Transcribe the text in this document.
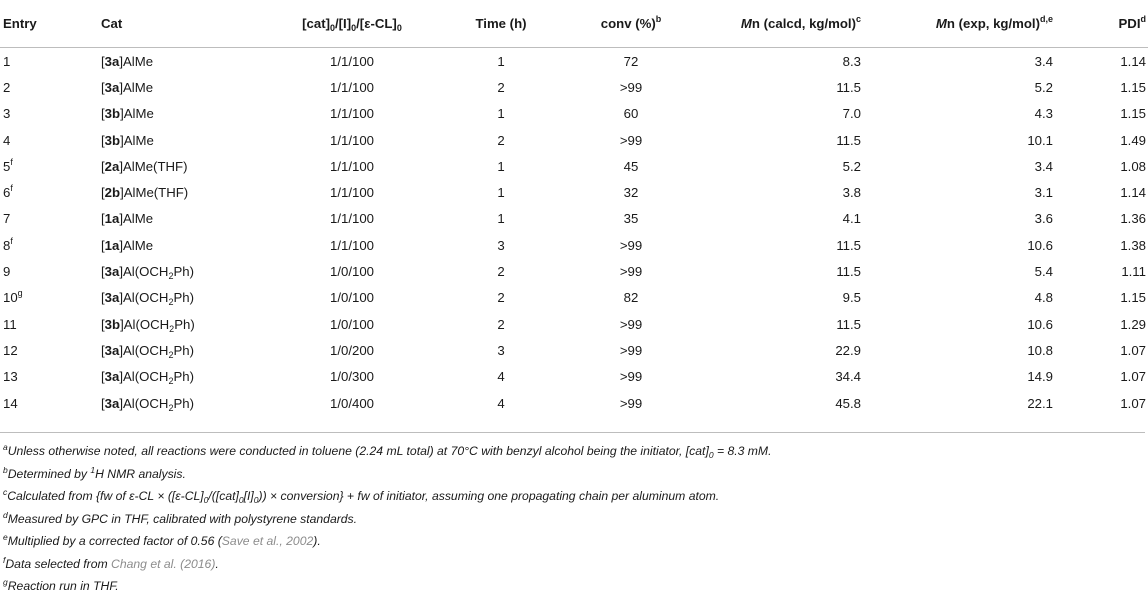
Entry	Cat	$[cat]_0/[I]_0/[\varepsilon-CL]_0$	Time (h)	conv (%)$^b$	Mn (calcd, kg/mol)$^c$	Mn (exp, kg/mol)$^{d,e}$	PDI$^d$
1	[3a]AlMe	1/1/100	1	72	8.3	3.4	1.14
2	[3a]AlMe	1/1/100	2	>99	11.5	5.2	1.15
3	[3b]AlMe	1/1/100	1	60	7.0	4.3	1.15
4	[3b]AlMe	1/1/100	2	>99	11.5	10.1	1.49
5$^f$	[2a]AlMe(THF)	1/1/100	1	45	5.2	3.4	1.08
6$^f$	[2b]AlMe(THF)	1/1/100	1	32	3.8	3.1	1.14
7	[1a]AlMe	1/1/100	1	35	4.1	3.6	1.36
8$^f$	[1a]AlMe	1/1/100	3	>99	11.5	10.6	1.38
9	$[3a]Al(OCH_2Ph)$	1/0/100	2	>99	11.5	5.4	1.11
10$^g$	$[3a]Al(OCH_2Ph)$	1/0/100	2	82	9.5	4.8	1.15
11	$[3b]Al(OCH_2Ph)$	1/0/100	2	>99	11.5	10.6	1.29
12	$[3a]Al(OCH_2Ph)$	1/0/200	3	>99	22.9	10.8	1.07
13	$[3a]Al(OCH_2Ph)$	1/0/300	4	>99	34.4	14.9	1.07
14	$[3a]Al(OCH_2Ph)$	1/0/400	4	>99	45.8	22.1	1.07
$^a$Unless otherwise noted, all reactions were conducted in toluene (2.24 mL total) at 70°C with benzyl alcohol being the initiator, $[cat]_0 = 8.3$ mM.
$^b$Determined by $^1$H NMR analysis.
$^c$Calculated from {fw of $\varepsilon-CL \times ([\varepsilon-CL]_0/([cat]_0[I]_0))$ × conversion} + fw of initiator, assuming one propagating chain per aluminum atom.
$^d$Measured by GPC in THF, calibrated with polystyrene standards.
$^e$Multiplied by a corrected factor of 0.56 (Save et al., 2002).
$^f$Data selected from Chang et al. (2016).
$^g$Reaction run in THF.
